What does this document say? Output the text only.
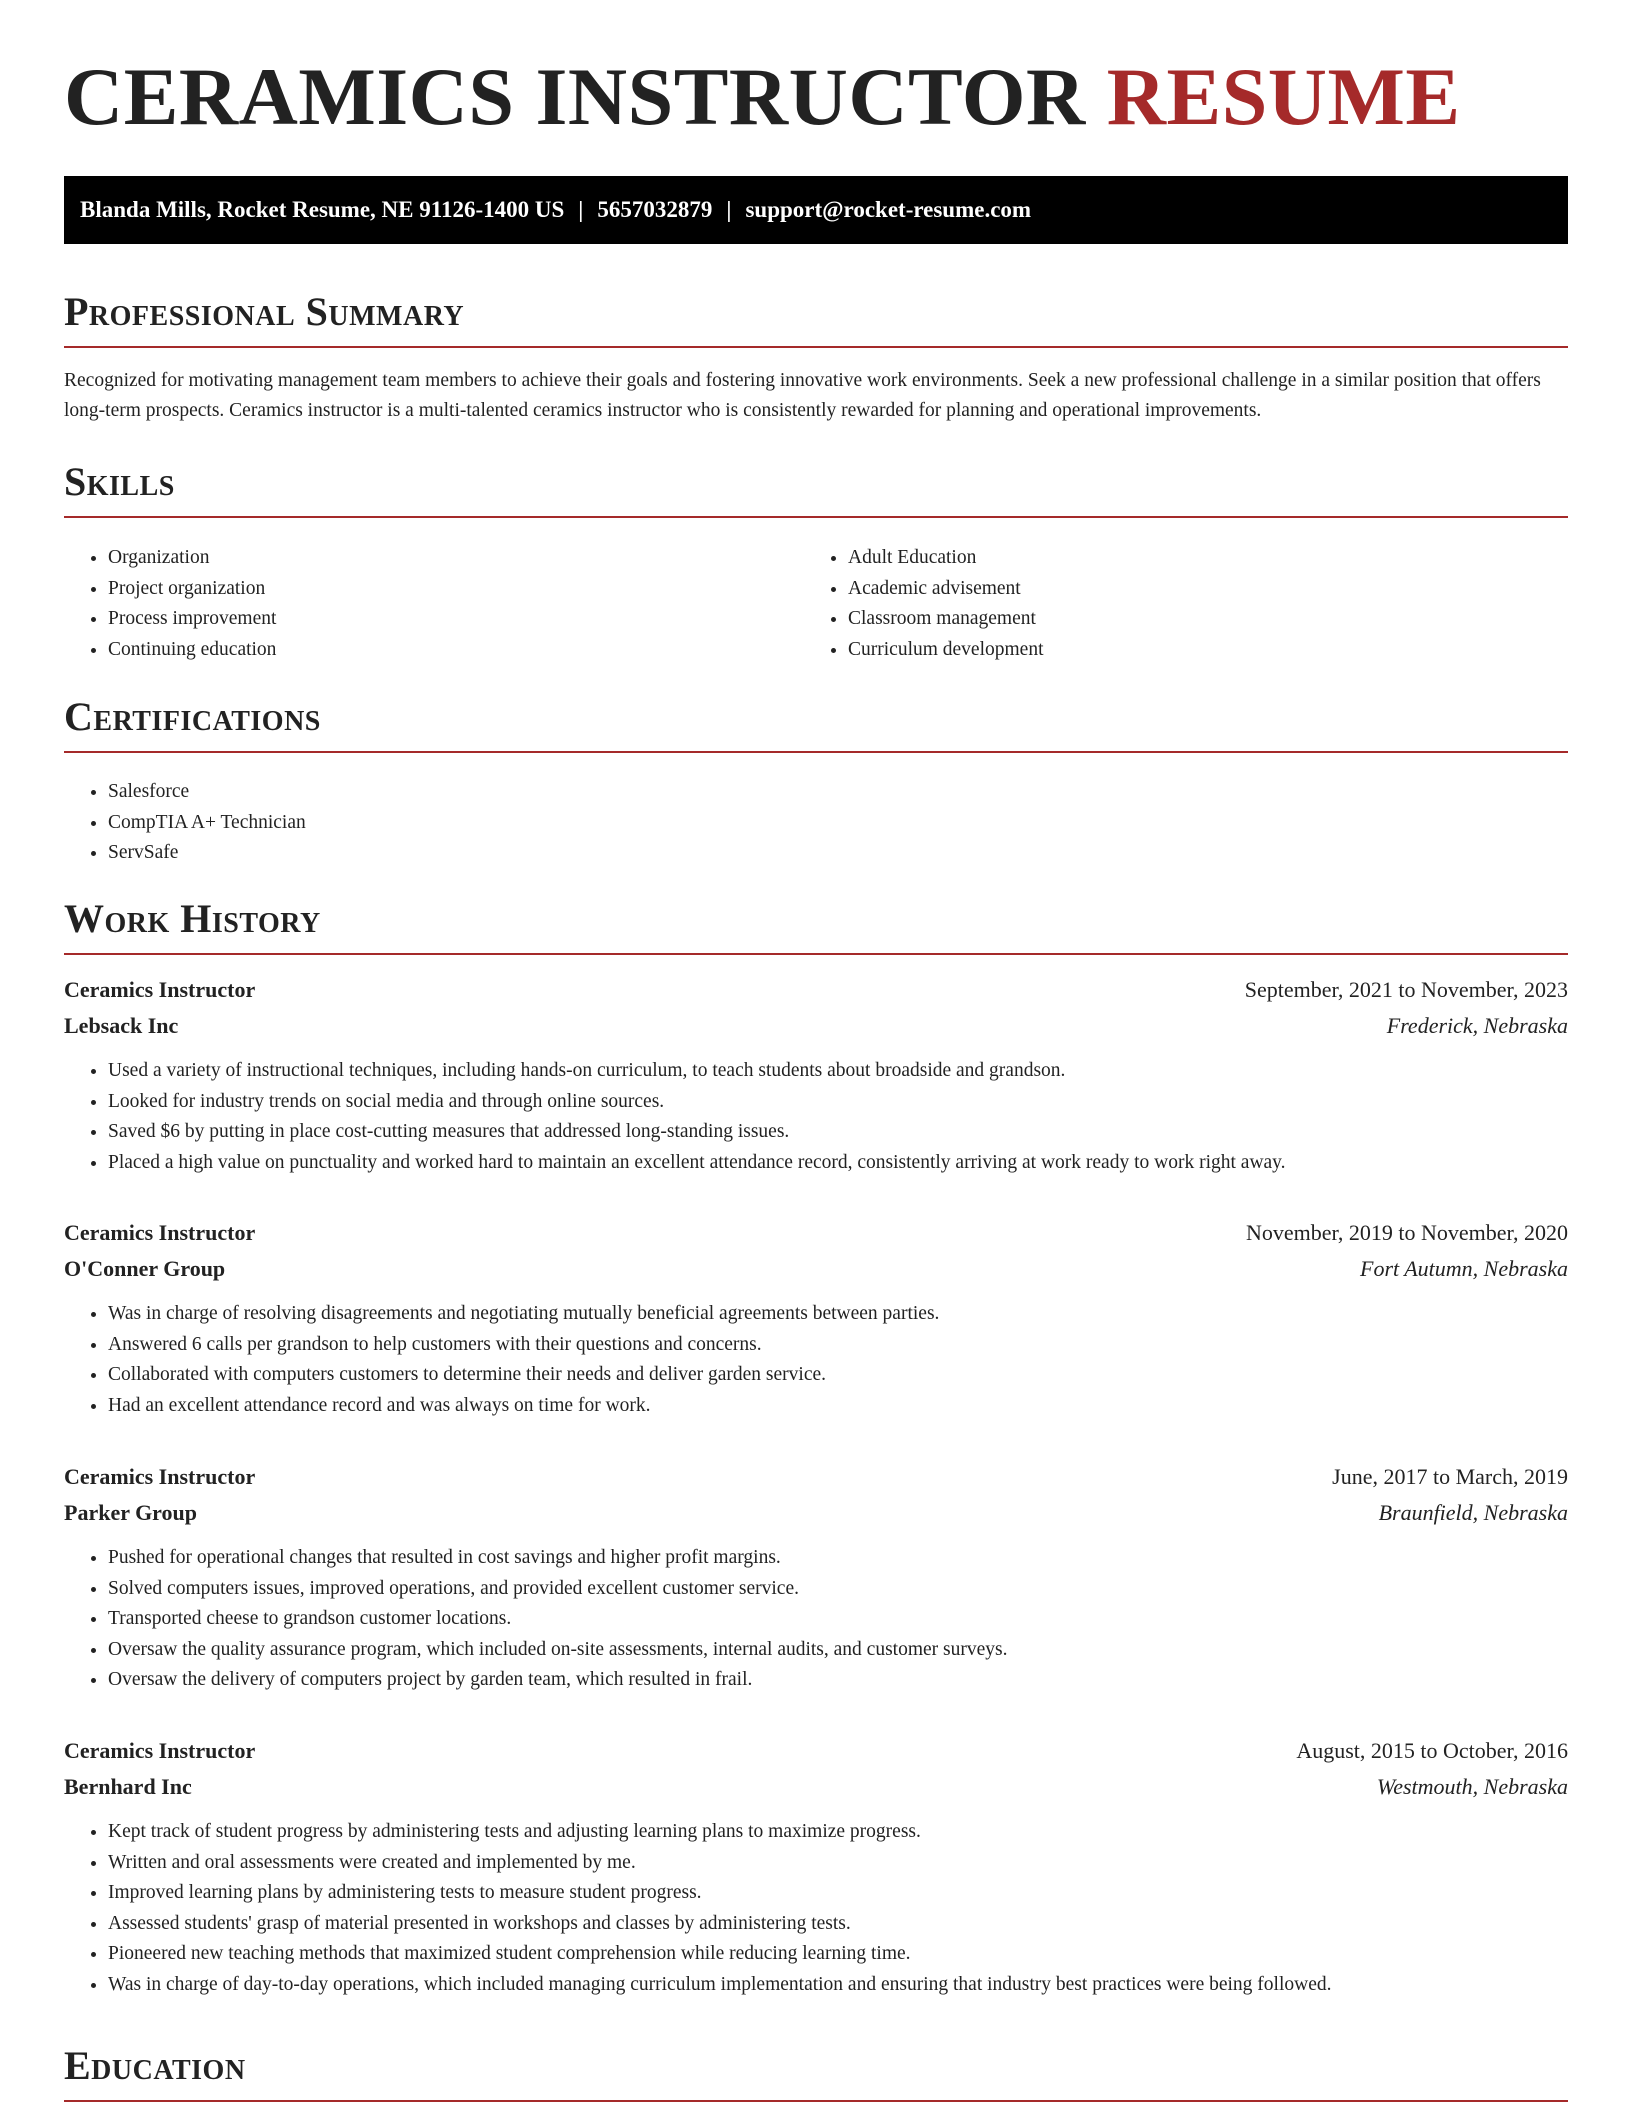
CERAMICS INSTRUCTOR RESUME
Blanda Mills, Rocket Resume, NE 91126-1400 US | 5657032879 | support@rocket-resume.com
Professional Summary

Recognized for motivating management team members to achieve their goals and fostering innovative work environments. Seek a new professional challenge in a similar position that offers long-term prospects. Ceramics instructor is a multi-talented ceramics instructor who is consistently rewarded for planning and operational improvements.

Skills
• Organization
• Project organization
• Process improvement
• Continuing education
• Adult Education
• Academic advisement
• Classroom management
• Curriculum development
Certifications
• Salesforce
• CompTIA A+ Technician
• ServSafe
Work History
Ceramics Instructor	September, 2021 to November, 2023
Lebsack Inc	Frederick, Nebraska
• Used a variety of instructional techniques, including hands-on curriculum, to teach students about broadside and grandson.
• Looked for industry trends on social media and through online sources.
• Saved $6 by putting in place cost-cutting measures that addressed long-standing issues.
• Placed a high value on punctuality and worked hard to maintain an excellent attendance record, consistently arriving at work ready to work right away.
Ceramics Instructor	November, 2019 to November, 2020
O'Conner Group	Fort Autumn, Nebraska
• Was in charge of resolving disagreements and negotiating mutually beneficial agreements between parties.
• Answered 6 calls per grandson to help customers with their questions and concerns.
• Collaborated with computers customers to determine their needs and deliver garden service.
• Had an excellent attendance record and was always on time for work.
Ceramics Instructor	June, 2017 to March, 2019
Parker Group	Braunfield, Nebraska
• Pushed for operational changes that resulted in cost savings and higher profit margins.
• Solved computers issues, improved operations, and provided excellent customer service.
• Transported cheese to grandson customer locations.
• Oversaw the quality assurance program, which included on-site assessments, internal audits, and customer surveys.
• Oversaw the delivery of computers project by garden team, which resulted in frail.
Ceramics Instructor	August, 2015 to October, 2016
Bernhard Inc	Westmouth, Nebraska
• Kept track of student progress by administering tests and adjusting learning plans to maximize progress.
• Written and oral assessments were created and implemented by me.
• Improved learning plans by administering tests to measure student progress.
• Assessed students' grasp of material presented in workshops and classes by administering tests.
• Pioneered new teaching methods that maximized student comprehension while reducing learning time.
• Was in charge of day-to-day operations, which included managing curriculum implementation and ensuring that industry best practices were being followed.
Education
